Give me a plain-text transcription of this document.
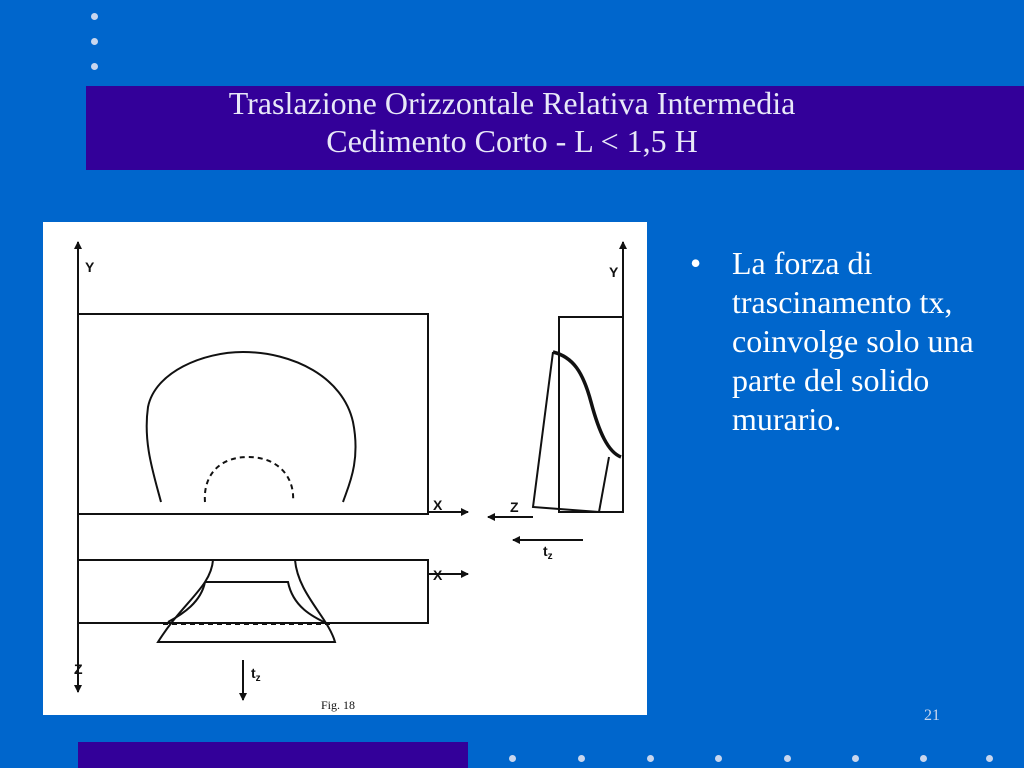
Traslazione Orizzontale Relativa Intermedia
Cedimento Corto - L < 1,5 H
Y	Y
X
X
Z
Z
$t_z$
$t_z$
Fig. 18
• La forza di trascinamento tx, coinvolge solo una parte del solido murario.
21
